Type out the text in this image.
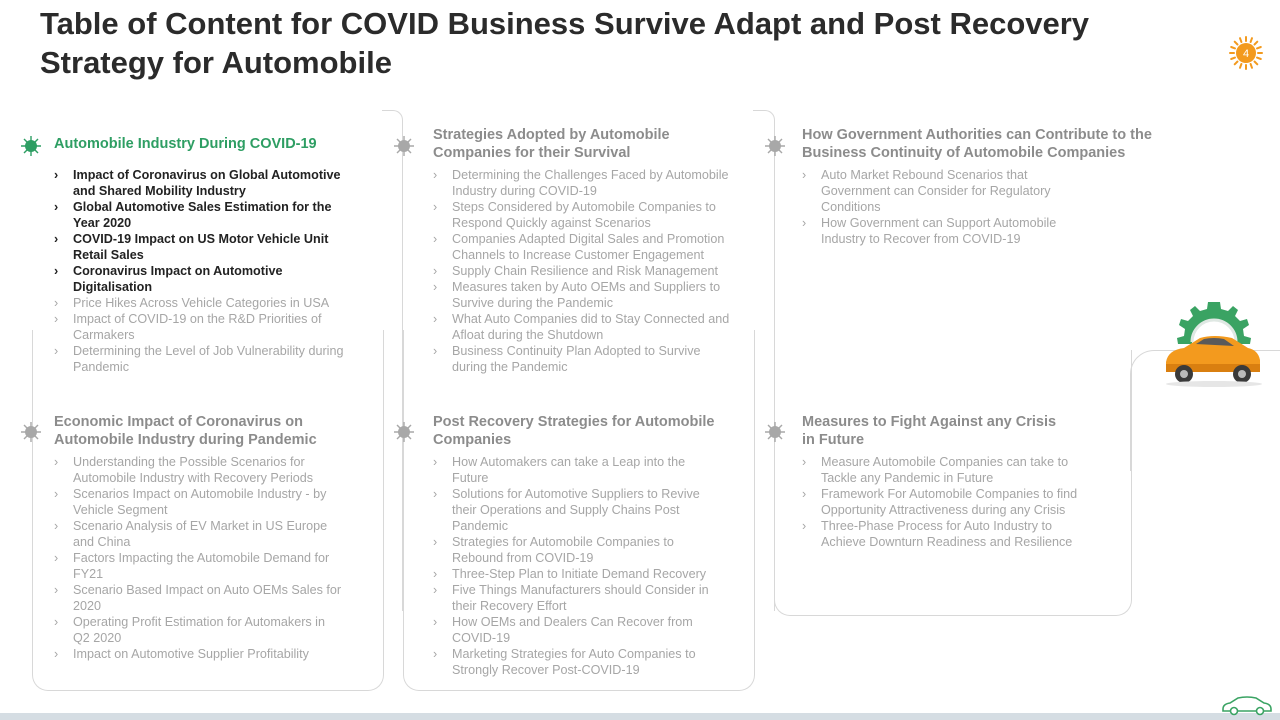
Table of Content for COVID Business Survive Adapt and Post Recovery Strategy for Automobile	4
Automobile Industry During COVID-19
› Impact of Coronavirus on Global Automotive and Shared Mobility Industry
› Global Automotive Sales Estimation for the Year 2020
› COVID-19 Impact on US Motor Vehicle Unit Retail Sales
› Coronavirus Impact on Automotive Digitalisation
› Price Hikes Across Vehicle Categories in USA
› Impact of COVID-19 on the R&D Priorities of Carmakers
› Determining the Level of Job Vulnerability during Pandemic
Strategies Adopted by Automobile Companies for their Survival
› Determining the Challenges Faced by Automobile Industry during COVID-19
› Steps Considered by Automobile Companies to Respond Quickly against Scenarios
› Companies Adapted Digital Sales and Promotion Channels to Increase Customer Engagement
› Supply Chain Resilience and Risk Management
› Measures taken by Auto OEMs and Suppliers to Survive during the Pandemic
› What Auto Companies did to Stay Connected and Afloat during the Shutdown
› Business Continuity Plan Adopted to Survive during the Pandemic
How Government Authorities can Contribute to the Business Continuity of Automobile Companies
› Auto Market Rebound Scenarios that Government can Consider for Regulatory Conditions
› How Government can Support Automobile Industry to Recover from COVID-19
Economic Impact of Coronavirus on Automobile Industry during Pandemic
› Understanding the Possible Scenarios for Automobile Industry with Recovery Periods
› Scenarios Impact on Automobile Industry - by Vehicle Segment
› Scenario Analysis of EV Market in US Europe and China
› Factors Impacting the Automobile Demand for FY21
› Scenario Based Impact on Auto OEMs Sales for 2020
› Operating Profit Estimation for Automakers in Q2 2020
› Impact on Automotive Supplier Profitability
Post Recovery Strategies for Automobile Companies
› How Automakers can take a Leap into the Future
› Solutions for Automotive Suppliers to Revive their Operations and Supply Chains Post Pandemic
› Strategies for Automobile Companies to Rebound from COVID-19
› Three-Step Plan to Initiate Demand Recovery
› Five Things Manufacturers should Consider in their Recovery Effort
› How OEMs and Dealers Can Recover from COVID-19
› Marketing Strategies for Auto Companies to Strongly Recover Post-COVID-19
Measures to Fight Against any Crisis in Future
› Measure Automobile Companies can take to Tackle any Pandemic in Future
› Framework For Automobile Companies to find Opportunity Attractiveness during any Crisis
› Three-Phase Process for Auto Industry to Achieve Downturn Readiness and Resilience
